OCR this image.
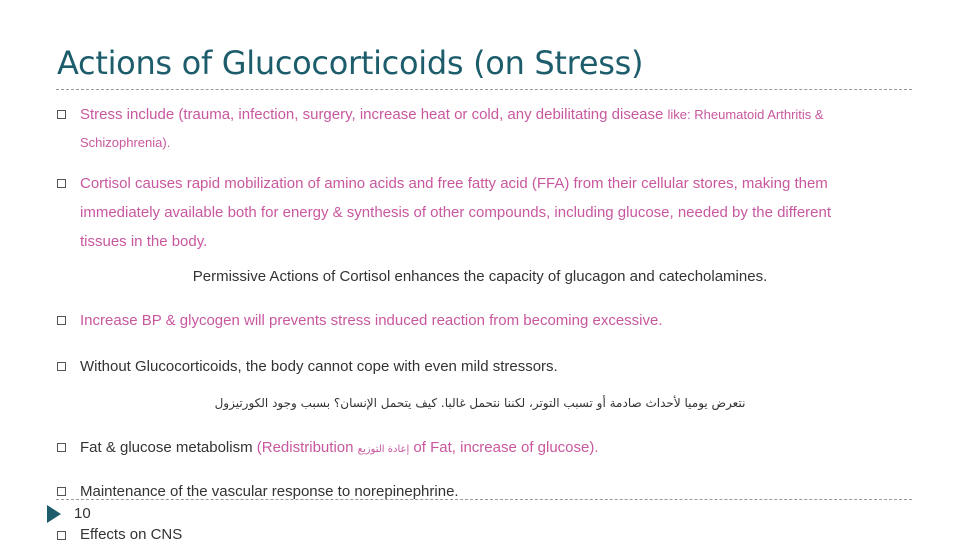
Actions of Glucocorticoids (on Stress)
Stress include (trauma, infection, surgery, increase heat or cold, any debilitating disease like: Rheumatoid Arthritis &
Schizophrenia).
Cortisol causes rapid mobilization of amino acids and free fatty acid (FFA) from their cellular stores, making them
immediately available both for energy & synthesis of other compounds, including glucose, needed by the different
tissues in the body.
Permissive Actions of Cortisol enhances the capacity of glucagon and catecholamines.
Increase BP & glycogen will prevents stress induced reaction from becoming excessive.
Without Glucocorticoids, the body cannot cope with even mild stressors.
نتعرض يوميا لأحداث صادمة أو تسبب التوتر، لكننا نتحمل غالبا. كيف يتحمل الإنسان؟ بسبب وجود الكورتيزول
Fat & glucose metabolism (Redistribution إعادة التوزيع of Fat, increase of glucose).
Maintenance of the vascular response to norepinephrine.
10
Effects on CNS
